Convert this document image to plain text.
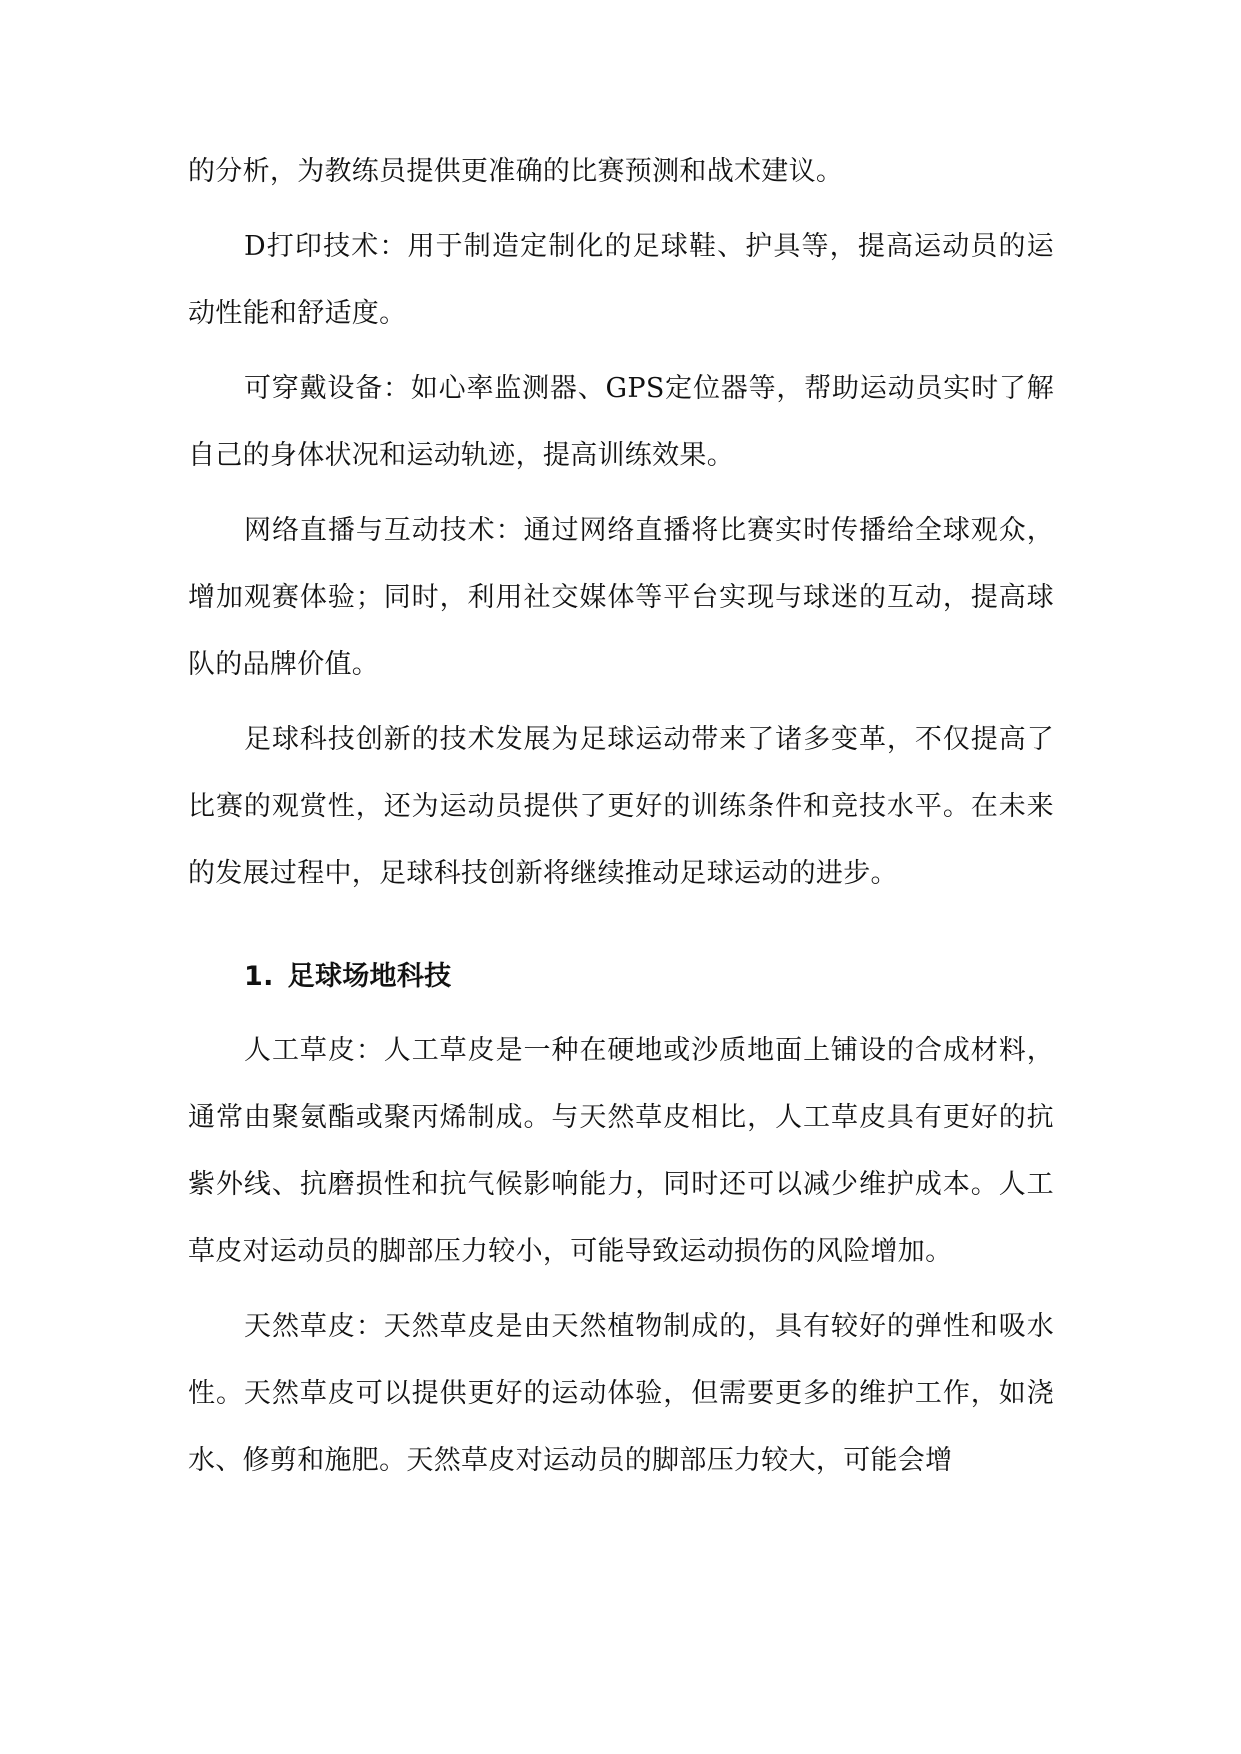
的分析，为教练员提供更准确的比赛预测和战术建议。

D打印技术：用于制造定制化的足球鞋、护具等，提高运动员的运动性能和舒适度。

可穿戴设备：如心率监测器、GPS定位器等，帮助运动员实时了解自己的身体状况和运动轨迹，提高训练效果。

网络直播与互动技术：通过网络直播将比赛实时传播给全球观众，增加观赛体验；同时，利用社交媒体等平台实现与球迷的互动，提高球队的品牌价值。

足球科技创新的技术发展为足球运动带来了诸多变革，不仅提高了比赛的观赏性，还为运动员提供了更好的训练条件和竞技水平。在未来的发展过程中，足球科技创新将继续推动足球运动的进步。

1. 足球场地科技

人工草皮：人工草皮是一种在硬地或沙质地面上铺设的合成材料，通常由聚氨酯或聚丙烯制成。与天然草皮相比，人工草皮具有更好的抗紫外线、抗磨损性和抗气候影响能力，同时还可以减少维护成本。人工草皮对运动员的脚部压力较小，可能导致运动损伤的风险增加。

天然草皮：天然草皮是由天然植物制成的，具有较好的弹性和吸水性。天然草皮可以提供更好的运动体验，但需要更多的维护工作，如浇水、修剪和施肥。天然草皮对运动员的脚部压力较大，可能会增
